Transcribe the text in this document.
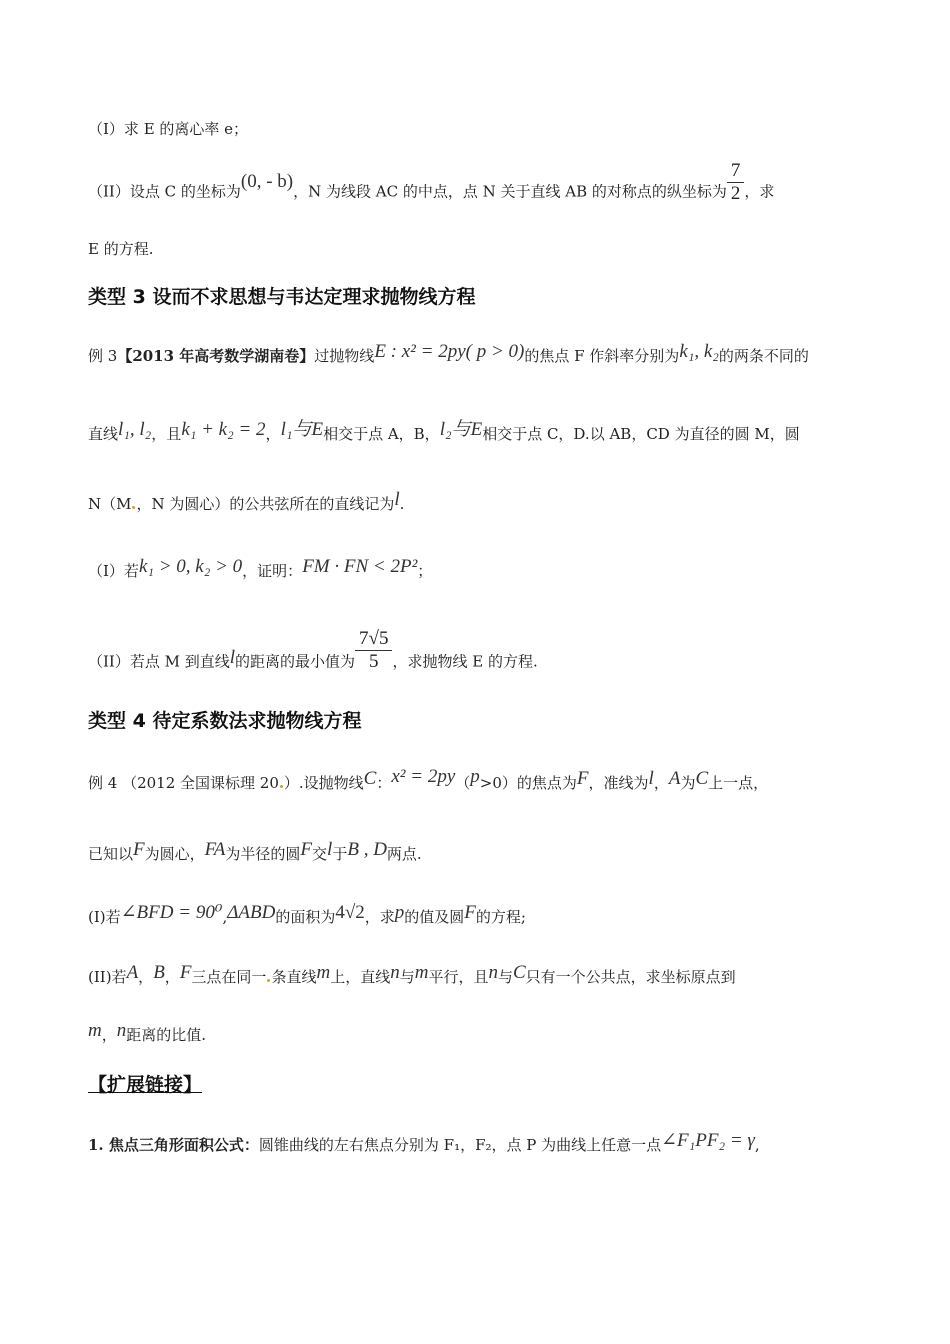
（I）求 E 的离心率 e；
（II）设点 C 的坐标为(0, - b)，N 为线段 AC 的中点，点 N 关于直线 AB 的对称点的纵坐标为 $\frac{7}{2}$ ，求
E 的方程.
类型 3 设而不求思想与韦达定理求抛物线方程
例 3【2013 年高考数学湖南卷】过抛物线E : x² = 2py( p > 0)的焦点 F 作斜率分别为k₁, k₂的两条不同的
直线l₁, l₂，且k₁ + k₂ = 2，l₁与E相交于点 A，B，l₂与E相交于点 C，D.以 AB，CD 为直径的圆 M，圆
N（M ，N 为圆心）的公共弦所在的直线记为l.
（I）若k₁ > 0, k₂ > 0，证明：FM · FN < 2P²；
（II）若点 M 到直线l的距离的最小值为 $\frac{7√5}{5}$ ，求抛物线 E 的方程.
类型 4 待定系数法求抛物线方程
例 4 （2012 全国课标理 20 ）.设抛物线C：x² = 2py（p>0）的焦点为F，准线为l，A为C上一点，
已知以F为圆心，FA为半径的圆F交l于B , D两点.
(I)若∠BFD = 90⁰,ΔABD的面积为4√2，求p的值及圆F的方程;
(II)若A，B，F三点在同一 条直线m上，直线n与m平行，且n与C只有一个公共点，求坐标原点到
m，n距离的比值.
【扩展链接】
1. 焦点三角形面积公式：圆锥曲线的左右焦点分别为 F₁，F₂，点 P 为曲线上任意一点∠F₁PF₂ = γ,
